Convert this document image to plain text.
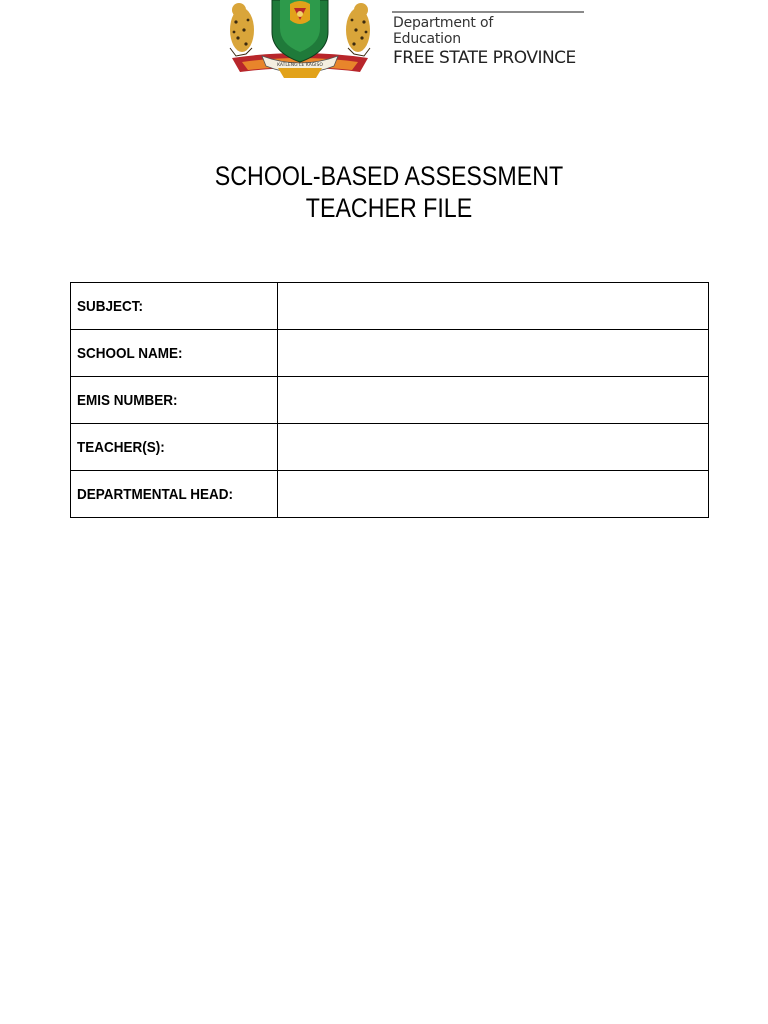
KATLENG LE KAGISO
Department of
Education
FREE STATE PROVINCE
SCHOOL-BASED ASSESSMENT
TEACHER FILE
SUBJECT:	
SCHOOL NAME:	
EMIS NUMBER:	
TEACHER(S):	
DEPARTMENTAL HEAD:	
